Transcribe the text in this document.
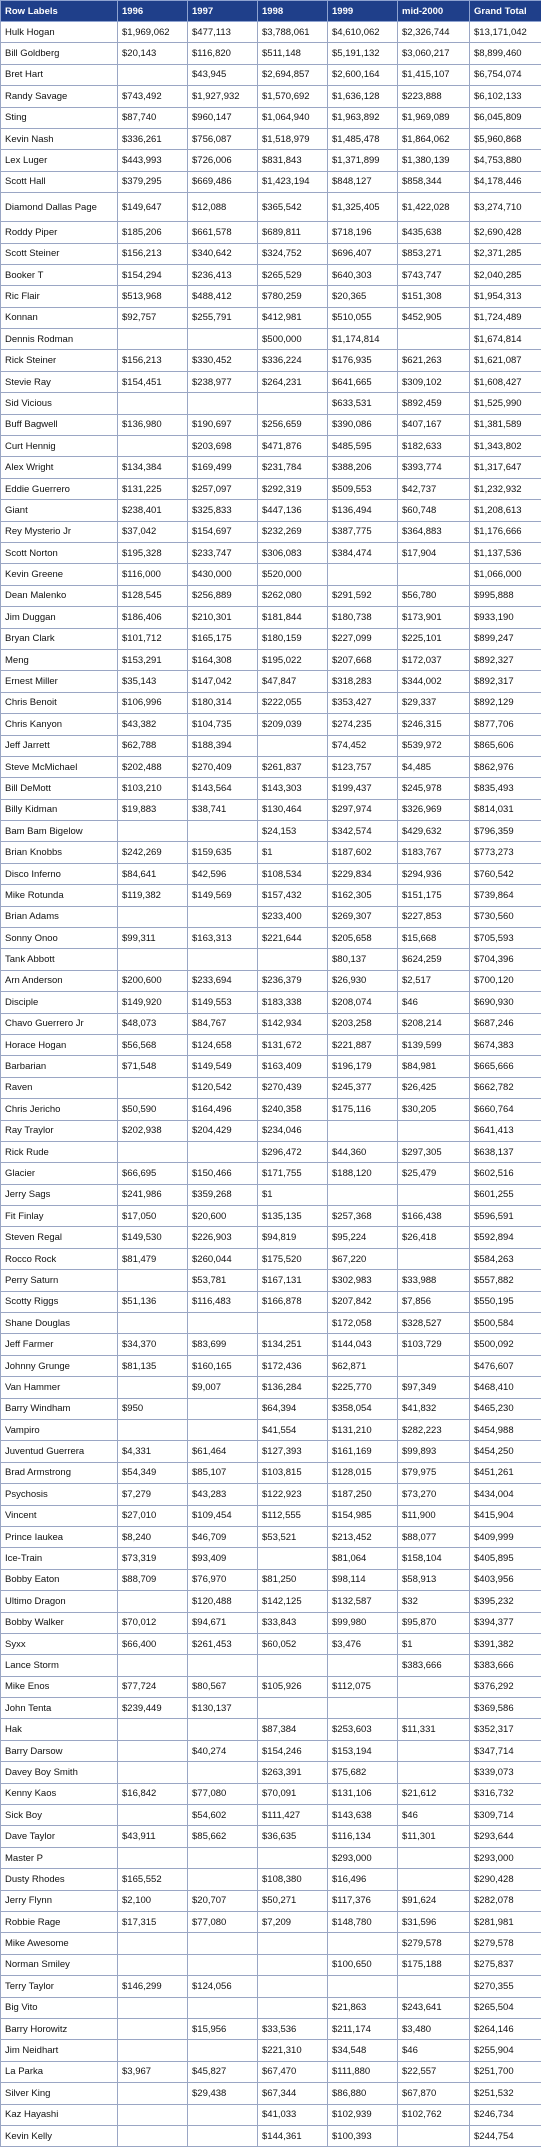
Row Labels	1996	1997	1998	1999	mid-2000	Grand Total
Hulk Hogan	$1,969,062	$477,113	$3,788,061	$4,610,062	$2,326,744	$13,171,042
Bill Goldberg	$20,143	$116,820	$511,148	$5,191,132	$3,060,217	$8,899,460
Bret Hart		$43,945	$2,694,857	$2,600,164	$1,415,107	$6,754,074
Randy Savage	$743,492	$1,927,932	$1,570,692	$1,636,128	$223,888	$6,102,133
Sting	$87,740	$960,147	$1,064,940	$1,963,892	$1,969,089	$6,045,809
Kevin Nash	$336,261	$756,087	$1,518,979	$1,485,478	$1,864,062	$5,960,868
Lex Luger	$443,993	$726,006	$831,843	$1,371,899	$1,380,139	$4,753,880
Scott Hall	$379,295	$669,486	$1,423,194	$848,127	$858,344	$4,178,446
Diamond Dallas Page	$149,647	$12,088	$365,542	$1,325,405	$1,422,028	$3,274,710
Roddy Piper	$185,206	$661,578	$689,811	$718,196	$435,638	$2,690,428
Scott Steiner	$156,213	$340,642	$324,752	$696,407	$853,271	$2,371,285
Booker T	$154,294	$236,413	$265,529	$640,303	$743,747	$2,040,285
Ric Flair	$513,968	$488,412	$780,259	$20,365	$151,308	$1,954,313
Konnan	$92,757	$255,791	$412,981	$510,055	$452,905	$1,724,489
Dennis Rodman			$500,000	$1,174,814		$1,674,814
Rick Steiner	$156,213	$330,452	$336,224	$176,935	$621,263	$1,621,087
Stevie Ray	$154,451	$238,977	$264,231	$641,665	$309,102	$1,608,427
Sid Vicious				$633,531	$892,459	$1,525,990
Buff Bagwell	$136,980	$190,697	$256,659	$390,086	$407,167	$1,381,589
Curt Hennig		$203,698	$471,876	$485,595	$182,633	$1,343,802
Alex Wright	$134,384	$169,499	$231,784	$388,206	$393,774	$1,317,647
Eddie Guerrero	$131,225	$257,097	$292,319	$509,553	$42,737	$1,232,932
Giant	$238,401	$325,833	$447,136	$136,494	$60,748	$1,208,613
Rey Mysterio Jr	$37,042	$154,697	$232,269	$387,775	$364,883	$1,176,666
Scott Norton	$195,328	$233,747	$306,083	$384,474	$17,904	$1,137,536
Kevin Greene	$116,000	$430,000	$520,000			$1,066,000
Dean Malenko	$128,545	$256,889	$262,080	$291,592	$56,780	$995,888
Jim Duggan	$186,406	$210,301	$181,844	$180,738	$173,901	$933,190
Bryan Clark	$101,712	$165,175	$180,159	$227,099	$225,101	$899,247
Meng	$153,291	$164,308	$195,022	$207,668	$172,037	$892,327
Ernest Miller	$35,143	$147,042	$47,847	$318,283	$344,002	$892,317
Chris Benoit	$106,996	$180,314	$222,055	$353,427	$29,337	$892,129
Chris Kanyon	$43,382	$104,735	$209,039	$274,235	$246,315	$877,706
Jeff Jarrett	$62,788	$188,394		$74,452	$539,972	$865,606
Steve McMichael	$202,488	$270,409	$261,837	$123,757	$4,485	$862,976
Bill DeMott	$103,210	$143,564	$143,303	$199,437	$245,978	$835,493
Billy Kidman	$19,883	$38,741	$130,464	$297,974	$326,969	$814,031
Bam Bam Bigelow			$24,153	$342,574	$429,632	$796,359
Brian Knobbs	$242,269	$159,635	$1	$187,602	$183,767	$773,273
Disco Inferno	$84,641	$42,596	$108,534	$229,834	$294,936	$760,542
Mike Rotunda	$119,382	$149,569	$157,432	$162,305	$151,175	$739,864
Brian Adams			$233,400	$269,307	$227,853	$730,560
Sonny Onoo	$99,311	$163,313	$221,644	$205,658	$15,668	$705,593
Tank Abbott				$80,137	$624,259	$704,396
Arn Anderson	$200,600	$233,694	$236,379	$26,930	$2,517	$700,120
Disciple	$149,920	$149,553	$183,338	$208,074	$46	$690,930
Chavo Guerrero Jr	$48,073	$84,767	$142,934	$203,258	$208,214	$687,246
Horace Hogan	$56,568	$124,658	$131,672	$221,887	$139,599	$674,383
Barbarian	$71,548	$149,549	$163,409	$196,179	$84,981	$665,666
Raven		$120,542	$270,439	$245,377	$26,425	$662,782
Chris Jericho	$50,590	$164,496	$240,358	$175,116	$30,205	$660,764
Ray Traylor	$202,938	$204,429	$234,046			$641,413
Rick Rude			$296,472	$44,360	$297,305	$638,137
Glacier	$66,695	$150,466	$171,755	$188,120	$25,479	$602,516
Jerry Sags	$241,986	$359,268	$1			$601,255
Fit Finlay	$17,050	$20,600	$135,135	$257,368	$166,438	$596,591
Steven Regal	$149,530	$226,903	$94,819	$95,224	$26,418	$592,894
Rocco Rock	$81,479	$260,044	$175,520	$67,220		$584,263
Perry Saturn		$53,781	$167,131	$302,983	$33,988	$557,882
Scotty Riggs	$51,136	$116,483	$166,878	$207,842	$7,856	$550,195
Shane Douglas				$172,058	$328,527	$500,584
Jeff Farmer	$34,370	$83,699	$134,251	$144,043	$103,729	$500,092
Johnny Grunge	$81,135	$160,165	$172,436	$62,871		$476,607
Van Hammer		$9,007	$136,284	$225,770	$97,349	$468,410
Barry Windham	$950		$64,394	$358,054	$41,832	$465,230
Vampiro			$41,554	$131,210	$282,223	$454,988
Juventud Guerrera	$4,331	$61,464	$127,393	$161,169	$99,893	$454,250
Brad Armstrong	$54,349	$85,107	$103,815	$128,015	$79,975	$451,261
Psychosis	$7,279	$43,283	$122,923	$187,250	$73,270	$434,004
Vincent	$27,010	$109,454	$112,555	$154,985	$11,900	$415,904
Prince Iaukea	$8,240	$46,709	$53,521	$213,452	$88,077	$409,999
Ice-Train	$73,319	$93,409		$81,064	$158,104	$405,895
Bobby Eaton	$88,709	$76,970	$81,250	$98,114	$58,913	$403,956
Ultimo Dragon		$120,488	$142,125	$132,587	$32	$395,232
Bobby Walker	$70,012	$94,671	$33,843	$99,980	$95,870	$394,377
Syxx	$66,400	$261,453	$60,052	$3,476	$1	$391,382
Lance Storm					$383,666	$383,666
Mike Enos	$77,724	$80,567	$105,926	$112,075		$376,292
John Tenta	$239,449	$130,137				$369,586
Hak			$87,384	$253,603	$11,331	$352,317
Barry Darsow		$40,274	$154,246	$153,194		$347,714
Davey Boy Smith			$263,391	$75,682		$339,073
Kenny Kaos	$16,842	$77,080	$70,091	$131,106	$21,612	$316,732
Sick Boy		$54,602	$111,427	$143,638	$46	$309,714
Dave Taylor	$43,911	$85,662	$36,635	$116,134	$11,301	$293,644
Master P				$293,000		$293,000
Dusty Rhodes	$165,552		$108,380	$16,496		$290,428
Jerry Flynn	$2,100	$20,707	$50,271	$117,376	$91,624	$282,078
Robbie Rage	$17,315	$77,080	$7,209	$148,780	$31,596	$281,981
Mike Awesome					$279,578	$279,578
Norman Smiley				$100,650	$175,188	$275,837
Terry Taylor	$146,299	$124,056				$270,355
Big Vito				$21,863	$243,641	$265,504
Barry Horowitz		$15,956	$33,536	$211,174	$3,480	$264,146
Jim Neidhart			$221,310	$34,548	$46	$255,904
La Parka	$3,967	$45,827	$67,470	$111,880	$22,557	$251,700
Silver King		$29,438	$67,344	$86,880	$67,870	$251,532
Kaz Hayashi			$41,033	$102,939	$102,762	$246,734
Kevin Kelly			$144,361	$100,393		$244,754
